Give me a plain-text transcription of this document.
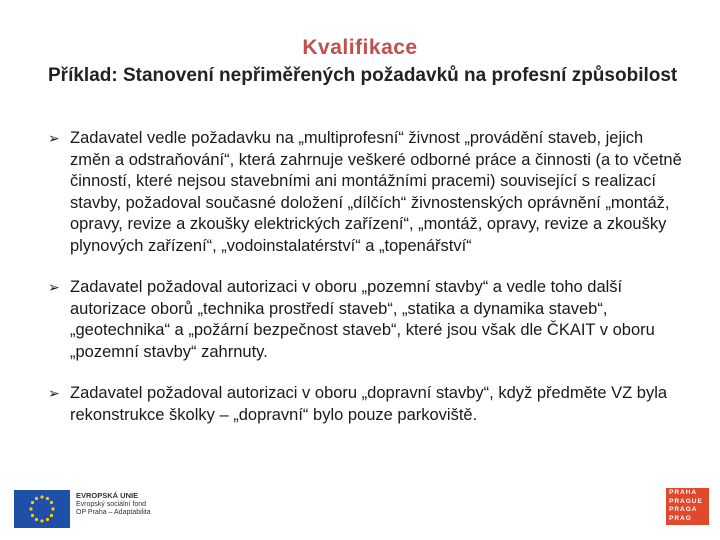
Kvalifikace
Příklad: Stanovení nepřiměřených požadavků na profesní způsobilost
➢ Zadavatel vedle požadavku na „multiprofesní“ živnost „provádění staveb, jejich změn a odstraňování“, která zahrnuje veškeré odborné práce a činnosti (a to včetně činností, které nejsou stavebními ani montážními pracemi) související s realizací stavby, požadoval současné doložení „dílčích“ živnostenských oprávnění „montáž, opravy, revize a zkoušky elektrických zařízení“, „montáž, opravy, revize a zkoušky plynových zařízení“, „vodoinstalatérství“ a „topenářství“
➢ Zadavatel požadoval autorizaci v oboru „pozemní stavby“ a vedle toho další autorizace oborů „technika prostředí staveb“, „statika a dynamika staveb“, „geotechnika“ a „požární bezpečnost staveb“, které jsou však dle ČKAIT v oboru „pozemní stavby“ zahrnuty.
➢ Zadavatel požadoval autorizaci v oboru „dopravní stavby“, když předměte VZ byla rekonstrukce školky – „dopravní“ bylo pouze parkoviště.
EVROPSKÁ UNIE
Evropský sociální fond
OP Praha – Adaptabilita
PRAHA
PRAGUE
PRAGA
PRAG
